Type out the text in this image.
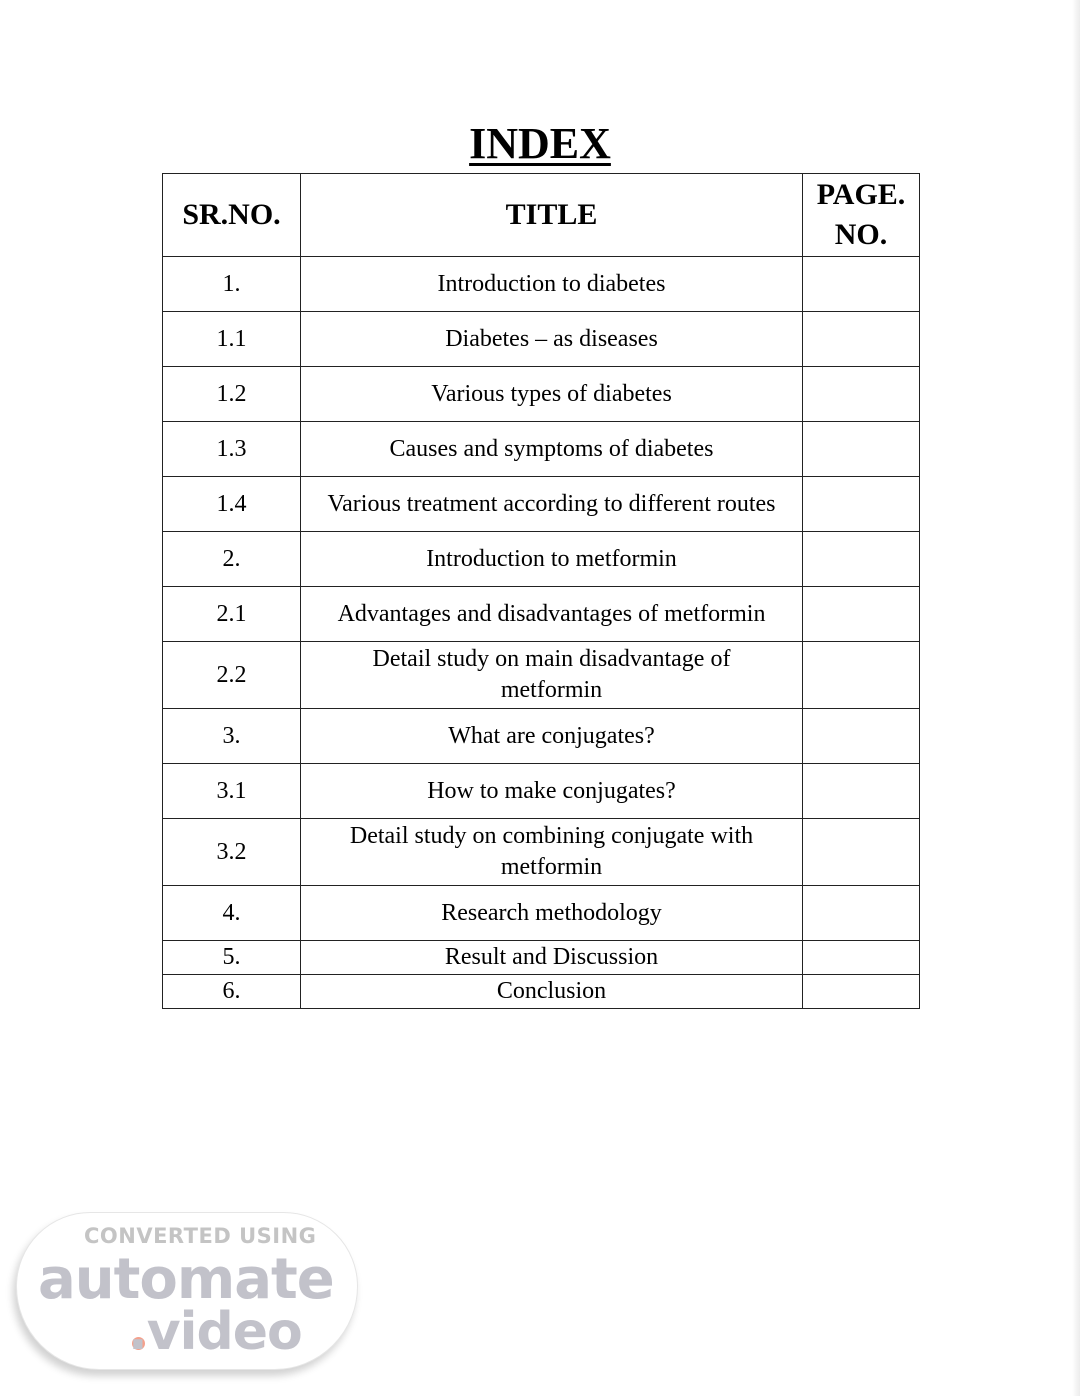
INDEX
SR.NO.	TITLE	PAGE.
NO.

1.	Introduction to diabetes	
1.1	Diabetes – as diseases	
1.2	Various types of diabetes	
1.3	Causes and symptoms of diabetes	
1.4	Various treatment according to different routes	
2.	Introduction to metformin	
2.1	Advantages and disadvantages of metformin	
2.2	Detail study on main disadvantage of metformin	
3.	What are conjugates?	
3.1	How to make conjugates?	
3.2	Detail study on combining conjugate with metformin	
4.	Research methodology	
5.	Result and Discussion	
6.	Conclusion	
CONVERTED USING
automate
.video
